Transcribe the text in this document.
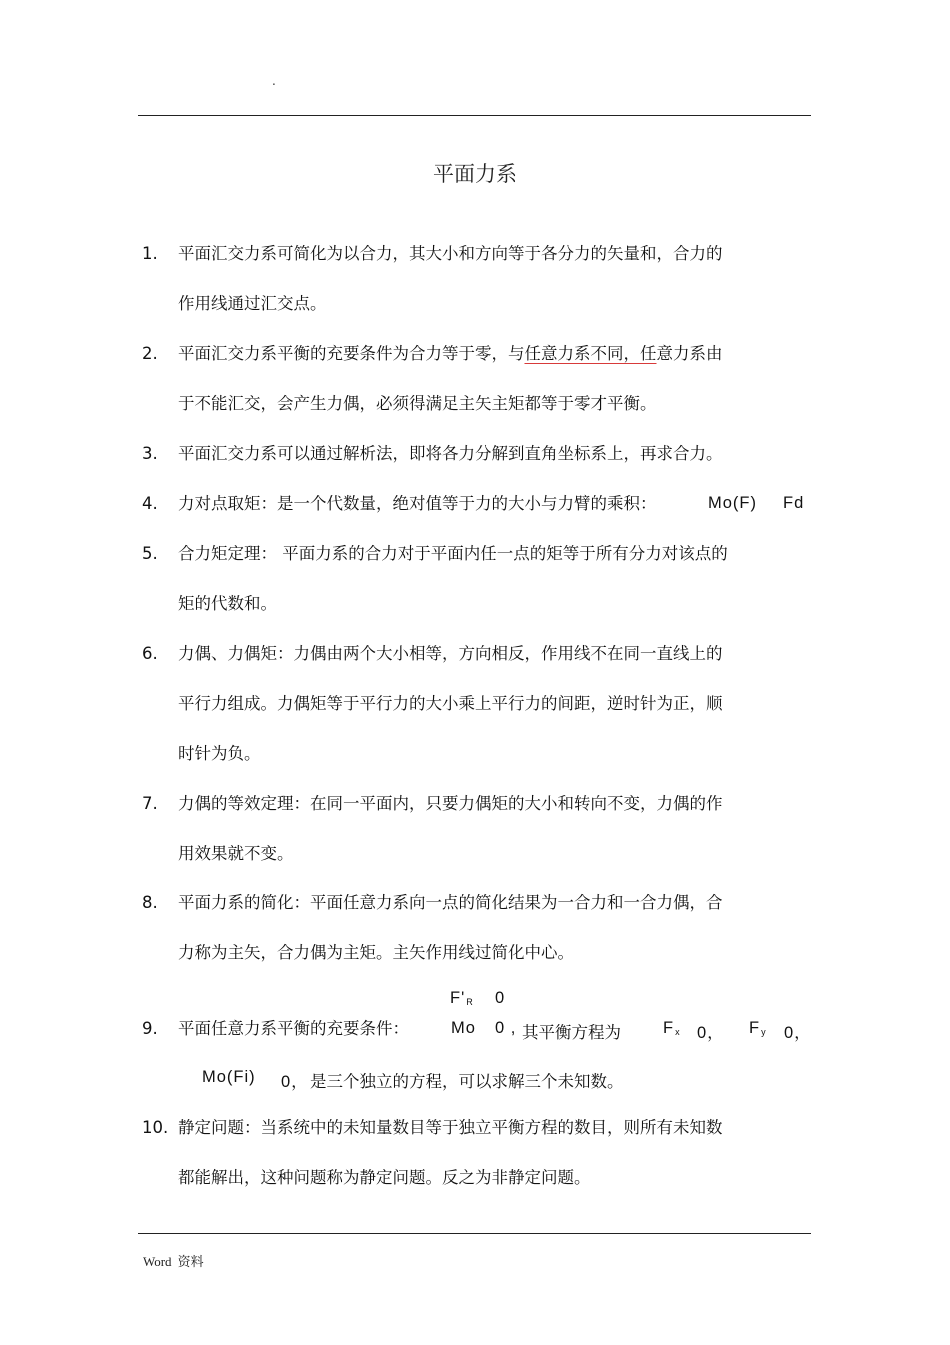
.
平面力系
1. 平面汇交力系可简化为以合力，其大小和方向等于各分力的矢量和，合力的
作用线通过汇交点。
2. 平面汇交力系平衡的充要条件为合力等于零，与任意力系不同，任意力系由
于不能汇交，会产生力偶，必须得满足主矢主矩都等于零才平衡。
3. 平面汇交力系可以通过解析法，即将各力分解到直角坐标系上，再求合力。
4. 力对点取矩：是一个代数量，绝对值等于力的大小与力臂的乘积：	Mo(F) Fd
5. 合力矩定理： 平面力系的合力对于平面内任一点的矩等于所有分力对该点的
矩的代数和。
6. 力偶、力偶矩：力偶由两个大小相等，方向相反，作用线不在同一直线上的
平行力组成。力偶矩等于平行力的大小乘上平行力的间距，逆时针为正，顺
时针为负。
7. 力偶的等效定理：在同一平面内，只要力偶矩的大小和转向不变，力偶的作
用效果就不变。
8. 平面力系的简化：平面任意力系向一点的简化结果为一合力和一合力偶，合
力称为主矢，合力偶为主矩。主矢作用线过简化中心。
F'R 0
9. 平面任意力系平衡的充要条件：	Mo 0 , 其平衡方程为	Fx 0， Fy 0，
Mo(Fi) 0， 是三个独立的方程，可以求解三个未知数。
10. 静定问题：当系统中的未知量数目等于独立平衡方程的数目，则所有未知数
都能解出，这种问题称为静定问题。反之为非静定问题。
Word 资料
